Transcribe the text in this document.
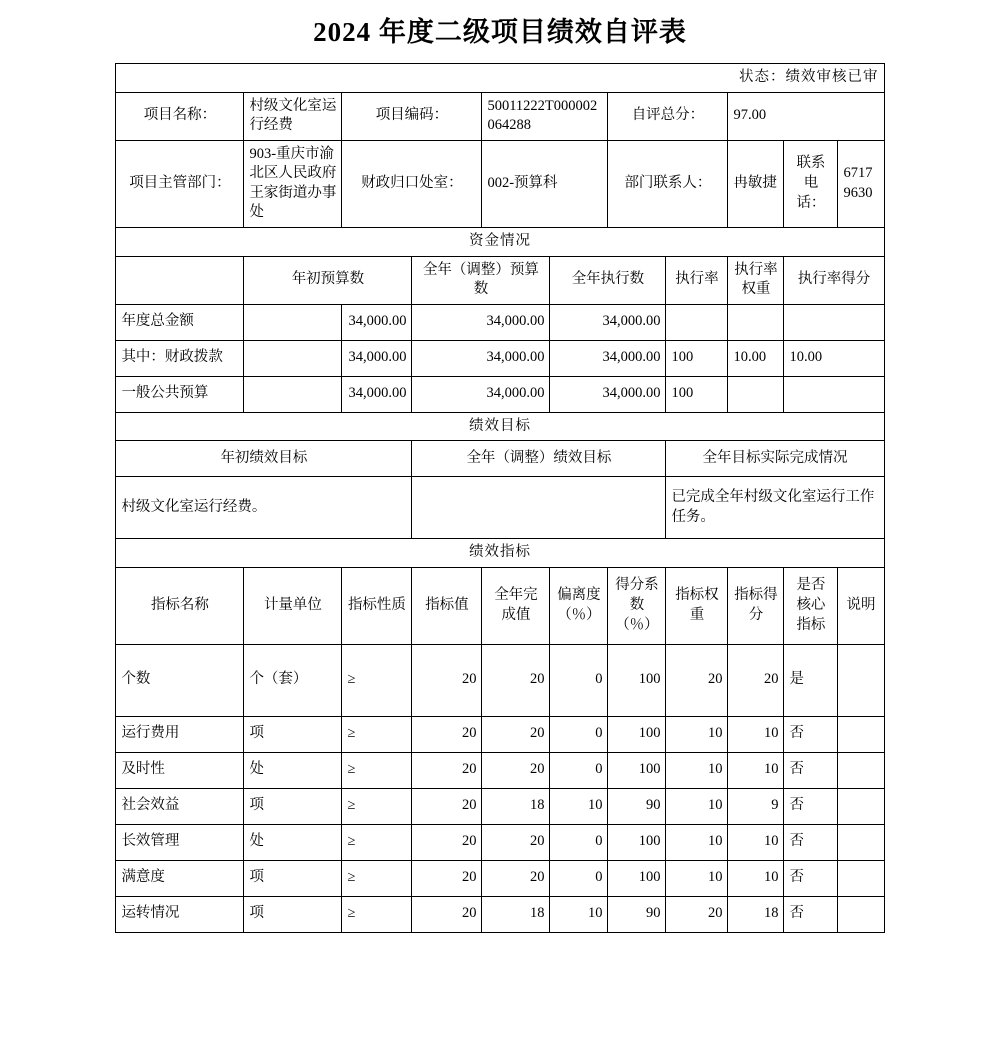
2024 年度二级项目绩效自评表
状态：绩效审核已审										
项目名称：	村级文化室运行经费	项目编码：		50011222T000002064288		自评总分：		97.00		
项目主管部门：	903-重庆市渝北区人民政府王家街道办事处	财政归口处室：		002-预算科		部门联系人：		冉敏捷	联系电话：	67179630
资金情况										
	年初预算数		全年（调整）预算数		全年执行数		执行率	执行率权重	执行率得分	
年度总金额		34,000.00	34,000.00		34,000.00					
其中：财政拨款		34,000.00	34,000.00		34,000.00		100	10.00	10.00	
一般公共预算		34,000.00	34,000.00		34,000.00		100			
绩效目标										
年初绩效目标			全年（调整）绩效目标				全年目标实际完成情况			
村级文化室运行经费。							已完成全年村级文化室运行工作任务。			
绩效指标										
指标名称	计量单位	指标性质	指标值	全年完成值	偏离度（％）	得分系数（％）	指标权重	指标得分	是否核心指标	说明
个数	个（套）	≥	20	20	0	100	20	20	是	
运行费用	项	≥	20	20	0	100	10	10	否	
及时性	处	≥	20	20	0	100	10	10	否	
社会效益	项	≥	20	18	10	90	10	9	否	
长效管理	处	≥	20	20	0	100	10	10	否	
满意度	项	≥	20	20	0	100	10	10	否	
运转情况	项	≥	20	18	10	90	20	18	否	
